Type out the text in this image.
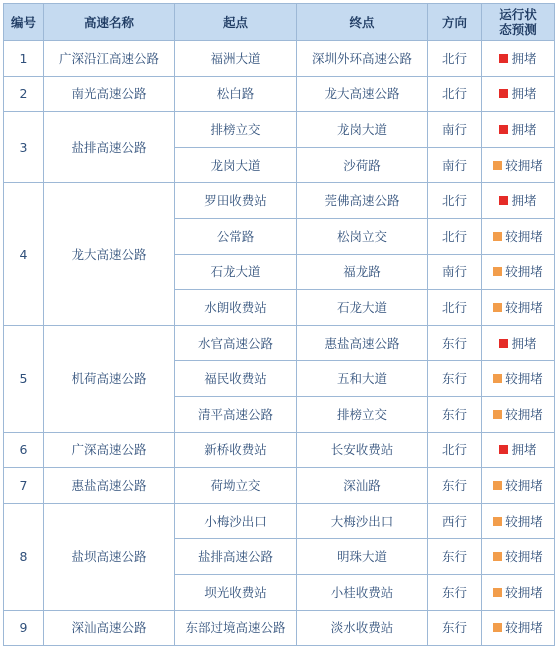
编号	高速名称	起点	终点	方向	运行状
态预测
1	广深沿江高速公路	福洲大道	深圳外环高速公路	北行	拥堵

2	南光高速公路	松白路	龙大高速公路	北行	拥堵

3	盐排高速公路	排榜立交	龙岗大道	南行	拥堵

		龙岗大道	沙荷路	南行	较拥堵

4	龙大高速公路	罗田收费站	莞佛高速公路	北行	拥堵

		公常路	松岗立交	北行	较拥堵

		石龙大道	福龙路	南行	较拥堵

		水朗收费站	石龙大道	北行	较拥堵

5	机荷高速公路	水官高速公路	惠盐高速公路	东行	拥堵

		福民收费站	五和大道	东行	较拥堵

		清平高速公路	排榜立交	东行	较拥堵

6	广深高速公路	新桥收费站	长安收费站	北行	拥堵

7	惠盐高速公路	荷坳立交	深汕路	东行	较拥堵

8	盐坝高速公路	小梅沙出口	大梅沙出口	西行	较拥堵

		盐排高速公路	明珠大道	东行	较拥堵

		坝光收费站	小桂收费站	东行	较拥堵

9	深汕高速公路	东部过境高速公路	淡水收费站	东行	较拥堵
